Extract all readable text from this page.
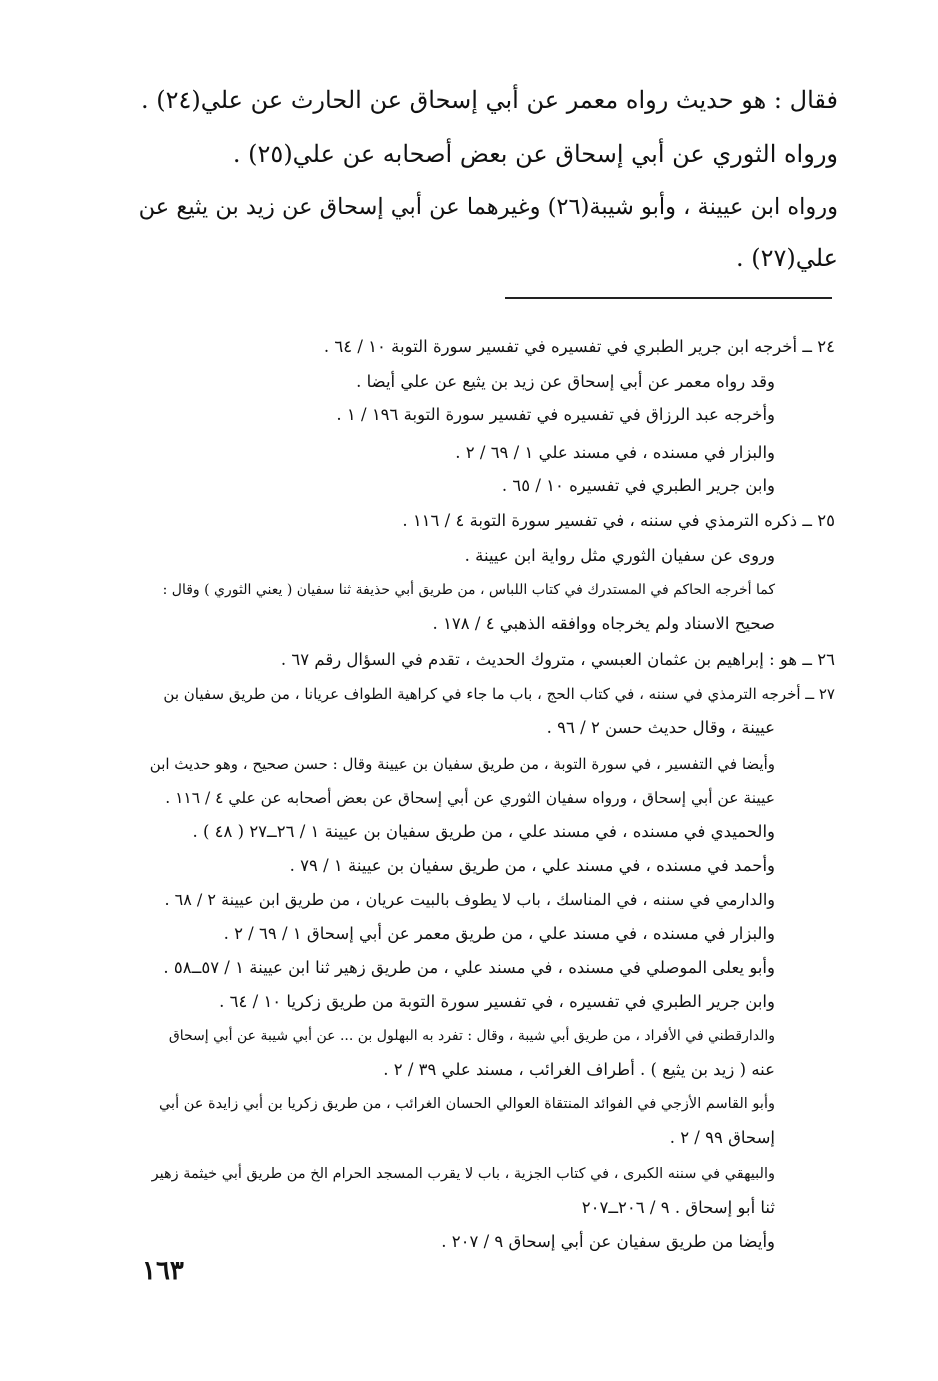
فقال : هو حديث رواه معمر عن أبي إسحاق عن الحارث عن علي(٢٤) .
ورواه الثوري عن أبي إسحاق عن بعض أصحابه عن علي(٢٥) .
ورواه ابن عيينة ، وأبو شيبة(٢٦) وغيرهما عن أبي إسحاق عن زيد بن يثيع عن
علي(٢٧) .
٢٤ ــ أخرجه ابن جرير الطبري في تفسيره في تفسير سورة التوبة ١٠ / ٦٤ .
وقد رواه معمر عن أبي إسحاق عن زيد بن يثيع عن علي أيضا .
وأخرجه عبد الرزاق في تفسيره في تفسير سورة التوبة ١٩٦ / ١ .
والبزار في مسنده ، في مسند علي ١ / ٦٩ / ٢ .
وابن جرير الطبري في تفسيره ١٠ / ٦٥ .
٢٥ ــ ذكره الترمذي في سننه ، في تفسير سورة التوبة ٤ / ١١٦ .
وروى عن سفيان الثوري مثل رواية ابن عيينة .
كما أخرجه الحاكم في المستدرك في كتاب اللباس ، من طريق أبي حذيفة ثنا سفيان ( يعني الثوري ) وقال :
صحيح الاسناد ولم يخرجاه ووافقه الذهبي ٤ / ١٧٨ .
٢٦ ــ هو : إبراهيم بن عثمان العبسي ، متروك الحديث ، تقدم في السؤال رقم ٦٧ .
٢٧ ــ أخرجه الترمذي في سننه ، في كتاب الحج ، باب ما جاء في كراهية الطواف عريانا ، من طريق سفيان بن
عيينة ، وقال حديث حسن ٢ / ٩٦ .
وأيضا في التفسير ، في سورة التوبة ، من طريق سفيان بن عيينة وقال : حسن صحيح ، وهو حديث ابن
عيينة عن أبي إسحاق ، ورواه سفيان الثوري عن أبي إسحاق عن بعض أصحابه عن علي ٤ / ١١٦ .
والحميدي في مسنده ، في مسند علي ، من طريق سفيان بن عيينة ١ / ٢٦ــ٢٧ ( ٤٨ ) .
وأحمد في مسنده ، في مسند علي ، من طريق سفيان بن عيينة ١ / ٧٩ .
والدارمي في سننه ، في المناسك ، باب لا يطوف بالبيت عريان ، من طريق ابن عيينة ٢ / ٦٨ .
والبزار في مسنده ، في مسند علي ، من طريق معمر عن أبي إسحاق ١ / ٦٩ / ٢ .
وأبو يعلى الموصلي في مسنده ، في مسند علي ، من طريق زهير ثنا ابن عيينة ١ / ٥٧ــ٥٨ .
وابن جرير الطبري في تفسيره ، في تفسير سورة التوبة من طريق زكريا ١٠ / ٦٤ .
والدارقطني في الأفراد ، من طريق أبي شيبة ، وقال : تفرد به البهلول بن ... عن أبي شيبة عن أبي إسحاق
عنه ( زيد بن يثيع ) . أطراف الغرائب ، مسند علي ٣٩ / ٢ .
وأبو القاسم الأزجي في الفوائد المنتقاة العوالي الحسان الغرائب ، من طريق زكريا بن أبي زايدة عن أبي
إسحاق ٩٩ / ٢ .
والبيهقي في سننه الكبرى ، في كتاب الجزية ، باب لا يقرب المسجد الحرام الخ من طريق أبي خيثمة زهير
ثنا أبو إسحاق . ٩ / ٢٠٦ــ٢٠٧
وأيضا من طريق سفيان عن أبي إسحاق ٩ / ٢٠٧ .
١٦٣
